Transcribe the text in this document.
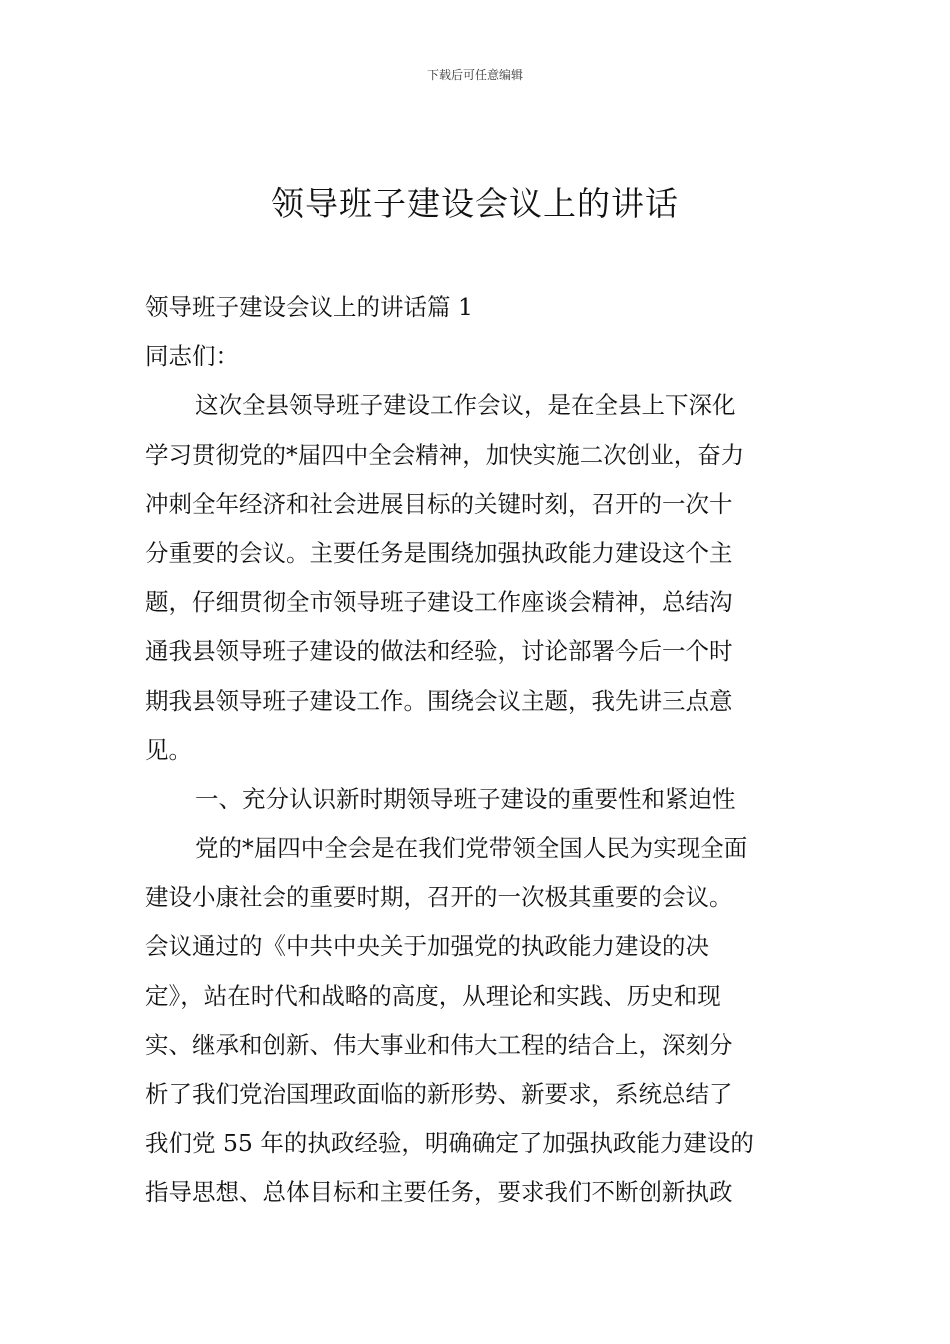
下载后可任意编辑
领导班子建设会议上的讲话
领导班子建设会议上的讲话篇 1
同志们：
这次全县领导班子建设工作会议，是在全县上下深化
学习贯彻党的*届四中全会精神，加快实施二次创业，奋力
冲刺全年经济和社会进展目标的关键时刻，召开的一次十
分重要的会议。主要任务是围绕加强执政能力建设这个主
题，仔细贯彻全市领导班子建设工作座谈会精神，总结沟
通我县领导班子建设的做法和经验，讨论部署今后一个时
期我县领导班子建设工作。围绕会议主题，我先讲三点意
见。
一、充分认识新时期领导班子建设的重要性和紧迫性
党的*届四中全会是在我们党带领全国人民为实现全面
建设小康社会的重要时期，召开的一次极其重要的会议。
会议通过的《中共中央关于加强党的执政能力建设的决
定》，站在时代和战略的高度，从理论和实践、历史和现
实、继承和创新、伟大事业和伟大工程的结合上，深刻分
析了我们党治国理政面临的新形势、新要求，系统总结了
我们党 55 年的执政经验，明确确定了加强执政能力建设的
指导思想、总体目标和主要任务，要求我们不断创新执政
